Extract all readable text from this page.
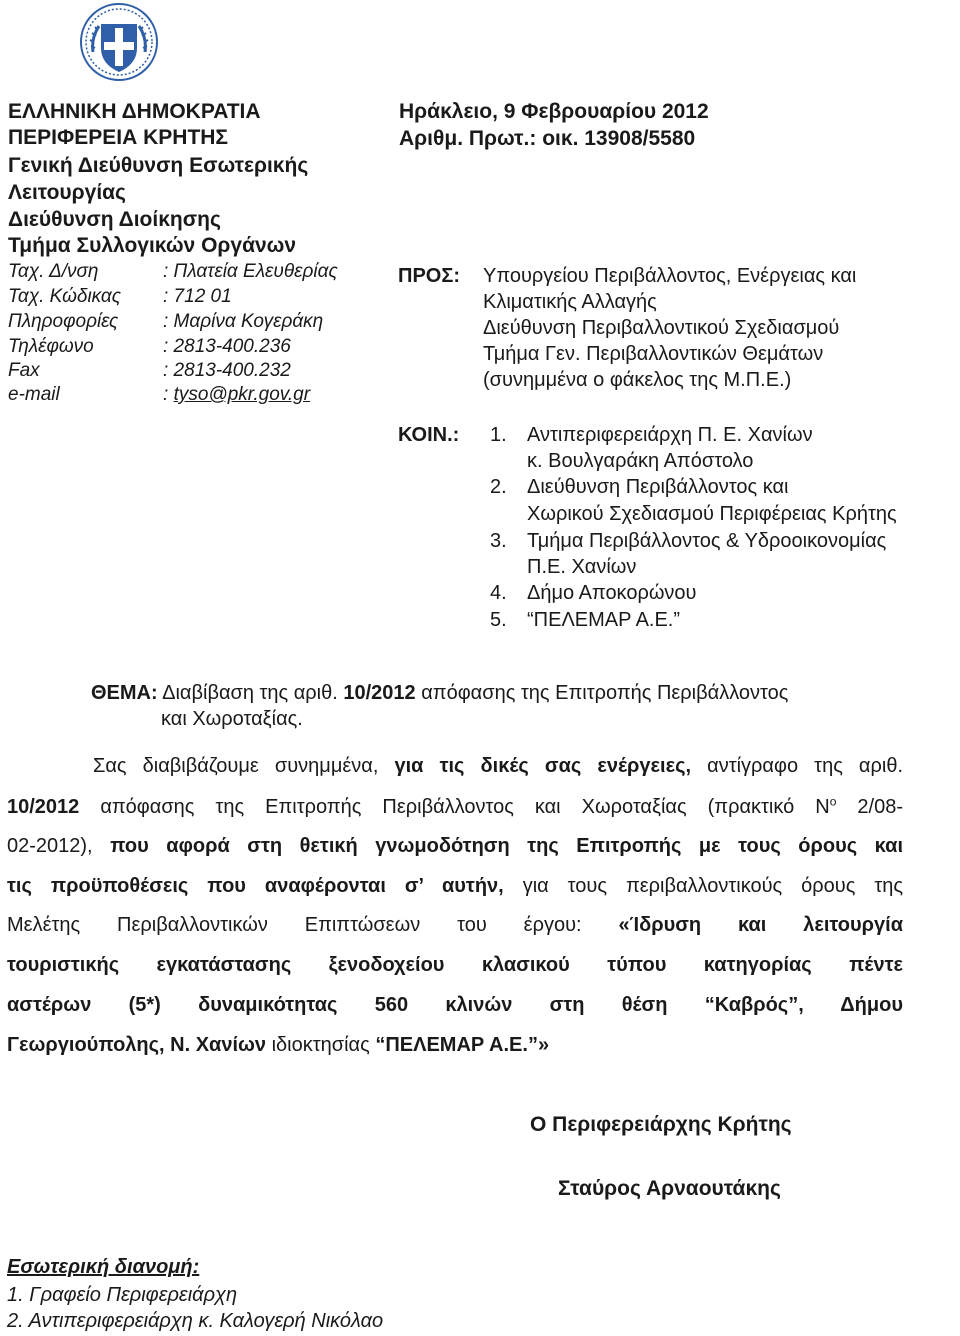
ΕΛΛΗΝΙΚΗ ΔΗΜΟΚΡΑΤΙΑ
ΠΕΡΙΦΕΡΕΙΑ ΚΡΗΤΗΣ
Γενική Διεύθυνση Εσωτερικής
Λειτουργίας
Διεύθυνση Διοίκησης
Τμήμα Συλλογικών Οργάνων
Ταχ. Δ/νση	: Πλατεία Ελευθερίας
Ταχ. Κώδικας : 712 01
Πληροφορίες : Μαρίνα Κογεράκη
Τηλέφωνο	: 2813-400.236
Fax	: 2813-400.232
e-mail	: tyso@pkr.gov.gr
Ηράκλειο, 9 Φεβρουαρίου 2012
Αριθμ. Πρωτ.: οικ. 13908/5580
ΠΡΟΣ: Υπουργείου Περιβάλλοντος, Ενέργειας και
Κλιματικής Αλλαγής
Διεύθυνση Περιβαλλοντικού Σχεδιασμού
Τμήμα Γεν. Περιβαλλοντικών Θεμάτων
(συνημμένα ο φάκελος της Μ.Π.Ε.)
ΚΟΙΝ.: 1. Αντιπεριφερειάρχη Π. Ε. Χανίων
κ. Βουλγαράκη Απόστολο
2. Διεύθυνση Περιβάλλοντος και
Χωρικού Σχεδιασμού Περιφέρειας Κρήτης
3. Τμήμα Περιβάλλοντος & Υδροοικονομίας
Π.Ε. Χανίων
4. Δήμο Αποκορώνου
5. “ΠΕΛΕΜΑΡ Α.Ε.”
ΘΕΜΑ: Διαβίβαση της αριθ. 10/2012 απόφασης της Επιτροπής Περιβάλλοντος
και Χωροταξίας.
Σας διαβιβάζουμε συνημμένα, για τις δικές σας ενέργειες, αντίγραφο της αριθ.
10/2012 απόφασης της Επιτροπής Περιβάλλοντος και Χωροταξίας (πρακτικό $N^o$ 2/08-
02-2012), που αφορά στη θετική γνωμοδότηση της Επιτροπής με τους όρους και
τις προϋποθέσεις που αναφέρονται σ’ αυτήν, για τους περιβαλλοντικούς όρους της
Μελέτης Περιβαλλοντικών Επιπτώσεων του έργου: «Ίδρυση και λειτουργία
τουριστικής εγκατάστασης ξενοδοχείου κλασικού τύπου κατηγορίας πέντε
αστέρων (5*) δυναμικότητας 560 κλινών στη θέση “Καβρός”, Δήμου
Γεωργιούπολης, Ν. Χανίων ιδιοκτησίας “ΠΕΛΕΜΑΡ Α.Ε.”»
Ο Περιφερειάρχης Κρήτης
Σταύρος Αρναουτάκης
Εσωτερική διανομή:
1. Γραφείο Περιφερειάρχη
2. Αντιπεριφερειάρχη κ. Καλογερή Νικόλαο
